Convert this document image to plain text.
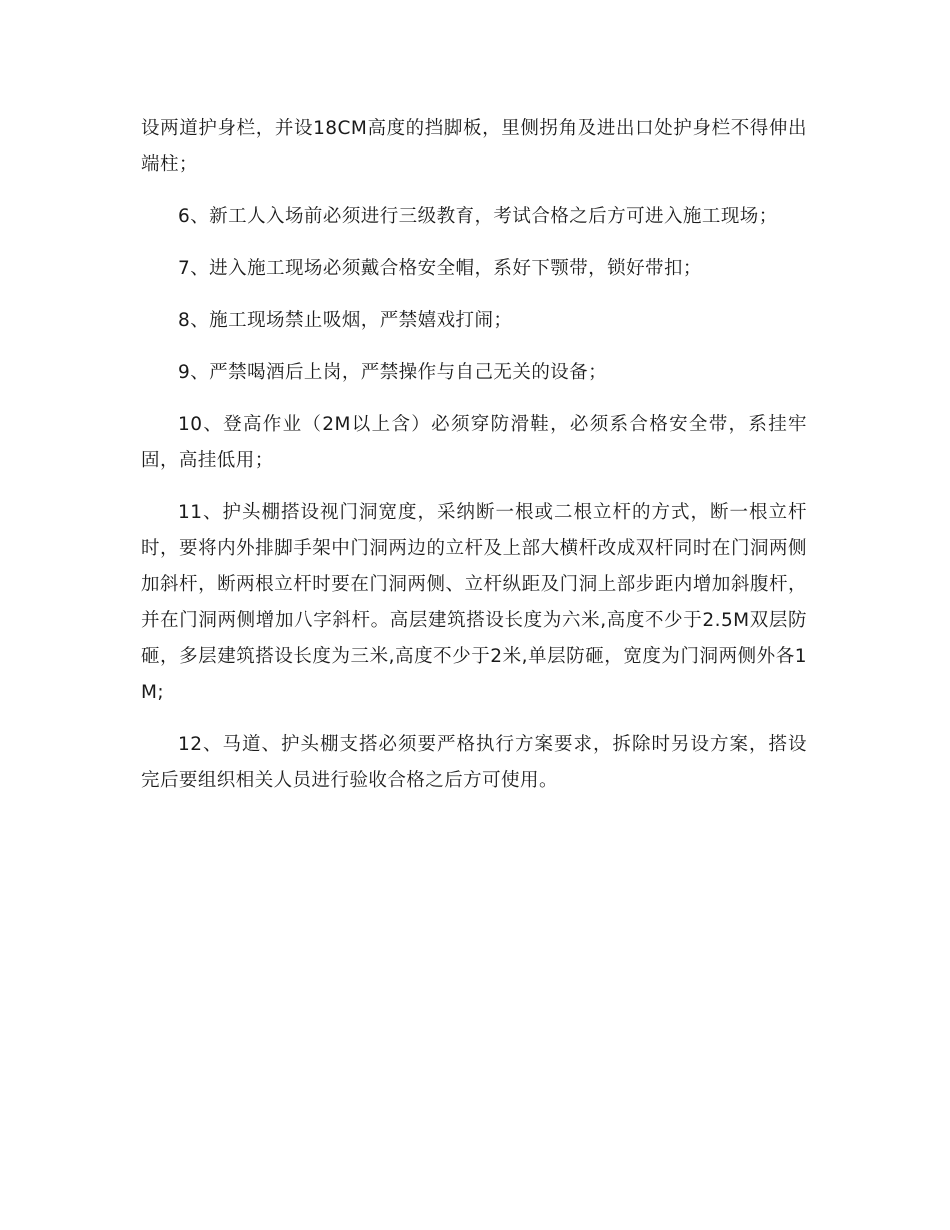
设两道护身栏，并设18CM高度的挡脚板，里侧拐角及进出口处护身栏不得伸出端柱；

6、新工人入场前必须进行三级教育，考试合格之后方可进入施工现场；

7、进入施工现场必须戴合格安全帽，系好下颚带，锁好带扣；

8、施工现场禁止吸烟，严禁嬉戏打闹；

9、严禁喝酒后上岗，严禁操作与自己无关的设备；

10、登高作业（2M以上含）必须穿防滑鞋，必须系合格安全带，系挂牢固，高挂低用；

11、护头棚搭设视门洞宽度，采纳断一根或二根立杆的方式，断一根立杆时，要将内外排脚手架中门洞两边的立杆及上部大横杆改成双杆同时在门洞两侧加斜杆，断两根立杆时要在门洞两侧、立杆纵距及门洞上部步距内增加斜腹杆，并在门洞两侧增加八字斜杆。高层建筑搭设长度为六米,高度不少于2.5M双层防砸，多层建筑搭设长度为三米,高度不少于2米,单层防砸，宽度为门洞两侧外各1M;

12、马道、护头棚支搭必须要严格执行方案要求，拆除时另设方案，搭设完后要组织相关人员进行验收合格之后方可使用。
